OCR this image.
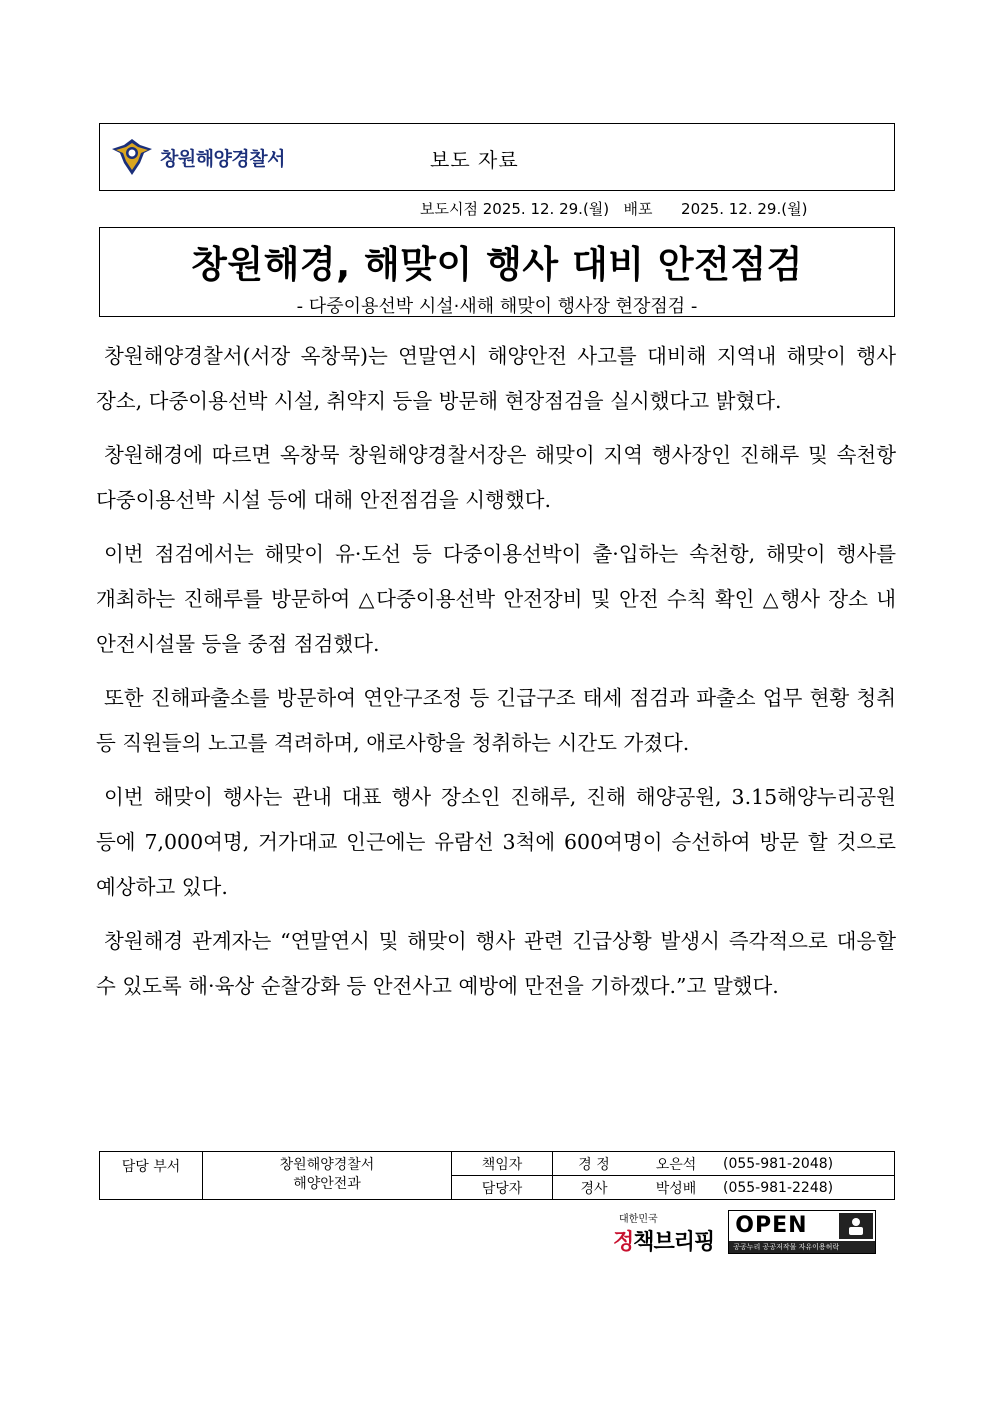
창원해양경찰서	보도 자료
보도시점 2025. 12. 29.(월) 배포 2025. 12. 29.(월)
창원해경, 해맞이 행사 대비 안전점검
- 다중이용선박 시설·새해 해맞이 행사장 현장점검 -

창원해양경찰서(서장 옥창묵)는 연말연시 해양안전 사고를 대비해 지역내 해맞이 행사 장소, 다중이용선박 시설, 취약지 등을 방문해 현장점검을 실시했다고 밝혔다.

창원해경에 따르면 옥창묵 창원해양경찰서장은 해맞이 지역 행사장인 진해루 및 속천항 다중이용선박 시설 등에 대해 안전점검을 시행했다.

이번 점검에서는 해맞이 유·도선 등 다중이용선박이 출·입하는 속천항, 해맞이 행사를 개최하는 진해루를 방문하여 △다중이용선박 안전장비 및 안전 수칙 확인 △행사 장소 내 안전시설물 등을 중점 점검했다.

또한 진해파출소를 방문하여 연안구조정 등 긴급구조 태세 점검과 파출소 업무 현황 청취 등 직원들의 노고를 격려하며, 애로사항을 청취하는 시간도 가졌다.

이번 해맞이 행사는 관내 대표 행사 장소인 진해루, 진해 해양공원, 3.15해양누리공원 등에 7,000여명, 거가대교 인근에는 유람선 3척에 600여명이 승선하여 방문 할 것으로 예상하고 있다.

창원해경 관계자는 “연말연시 및 해맞이 행사 관련 긴급상황 발생시 즉각적으로 대응할 수 있도록 해·육상 순찰강화 등 안전사고 예방에 만전을 기하겠다.”고 말했다.

담당 부서	창원해양경찰서
해양안전과	책임자	경 정	오은석	(055-981-2048)
		담당자	경사	박성배	(055-981-2248)
대한민국
정책브리핑
OPEN
공공누리 공공저작물 자유이용허락
